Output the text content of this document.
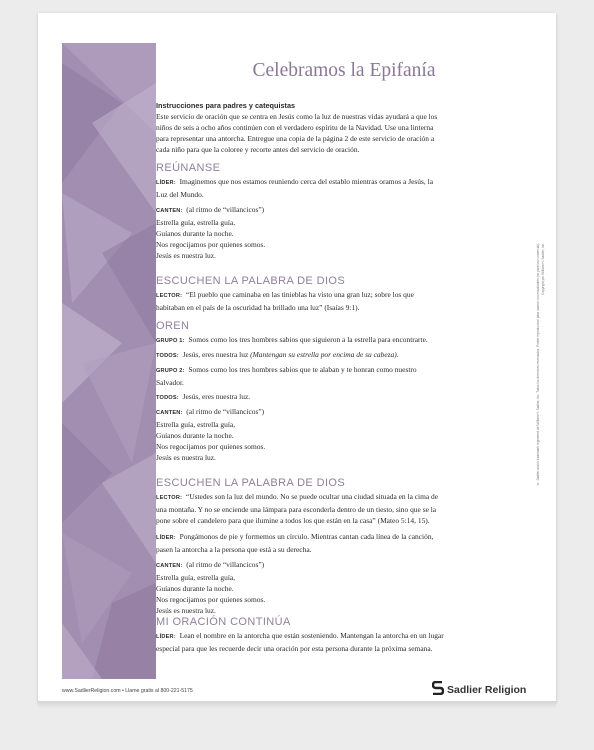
Celebramos la Epifanía
Instrucciones para padres y catequistas
Este servicio de oración que se centra en Jesús como la luz de nuestras vidas ayudará a que los
niños de seis a ocho años continúen con el verdadero espíritu de la Navidad. Use una linterna
para representar una antorcha. Entregue una copia de la página 2 de este servicio de oración a
cada niño para que la coloree y recorte antes del servicio de oración.
REÚNANSE
LÍDER: Imaginemos que nos estamos reuniendo cerca del establo mientras oramos a Jesús, la
Luz del Mundo.
CANTEN: (al ritmo de “villancicos”)
Estrella guía, estrella guía,
Guíanos durante la noche.
Nos regocijamos por quienes somos.
Jesús es nuestra luz.
ESCUCHEN LA PALABRA DE DIOS
LECTOR: “El pueblo que caminaba en las tinieblas ha visto una gran luz; sobre los que
habitaban en el país de la oscuridad ha brillado una luz” (Isaías 9:1).
OREN
GRUPO 1: Somos como los tres hombres sabios que siguieron a la estrella para encontrarte.
TODOS: Jesús, eres nuestra luz (Mantengan su estrella por encima de su cabeza).
GRUPO 2: Somos como los tres hombres sabios que te alaban y te honran como nuestro
Salvador.
TODOS: Jesús, eres nuestra luz.
CANTEN: (al ritmo de “villancicos”)
Estrella guía, estrella guía,
Guíanos durante la noche.
Nos regocijamos por quienes somos.
Jesús es nuestra luz.
ESCUCHEN LA PALABRA DE DIOS
LECTOR: “Ustedes son la luz del mundo. No se puede ocultar una ciudad situada en la cima de
una montaña. Y no se enciende una lámpara para esconderla dentro de un tiesto, sino que se la
pone sobre el candelero para que ilumine a todos los que están en la casa” (Mateo 5:14, 15).
LÍDER: Pongámonos de pie y formemos un círculo. Mientras cantan cada línea de la canción,
pasen la antorcha a la persona que está a su derecha.
CANTEN: (al ritmo de “villancicos”)
Estrella guía, estrella guía,
Guíanos durante la noche.
Nos regocijamos por quienes somos.
Jesús es nuestra luz.
MI ORACIÓN CONTINÚA
LÍDER: Lean el nombre en la antorcha que están sosteniendo. Mantengan la antorcha en un lugar
especial para que les recuerde decir una oración por esta persona durante la próxima semana.
® Sadlier and is trademark registered de William H. Sadlier, Inc. Todos los derechos reservados. Puede reproducirse para usarse con estudiantes (no para uso comercial). Copyright por William H. Sadlier, Inc.
www.SadlierReligion.com • Llame gratis al 800-221-5175	Sadlier Religion
